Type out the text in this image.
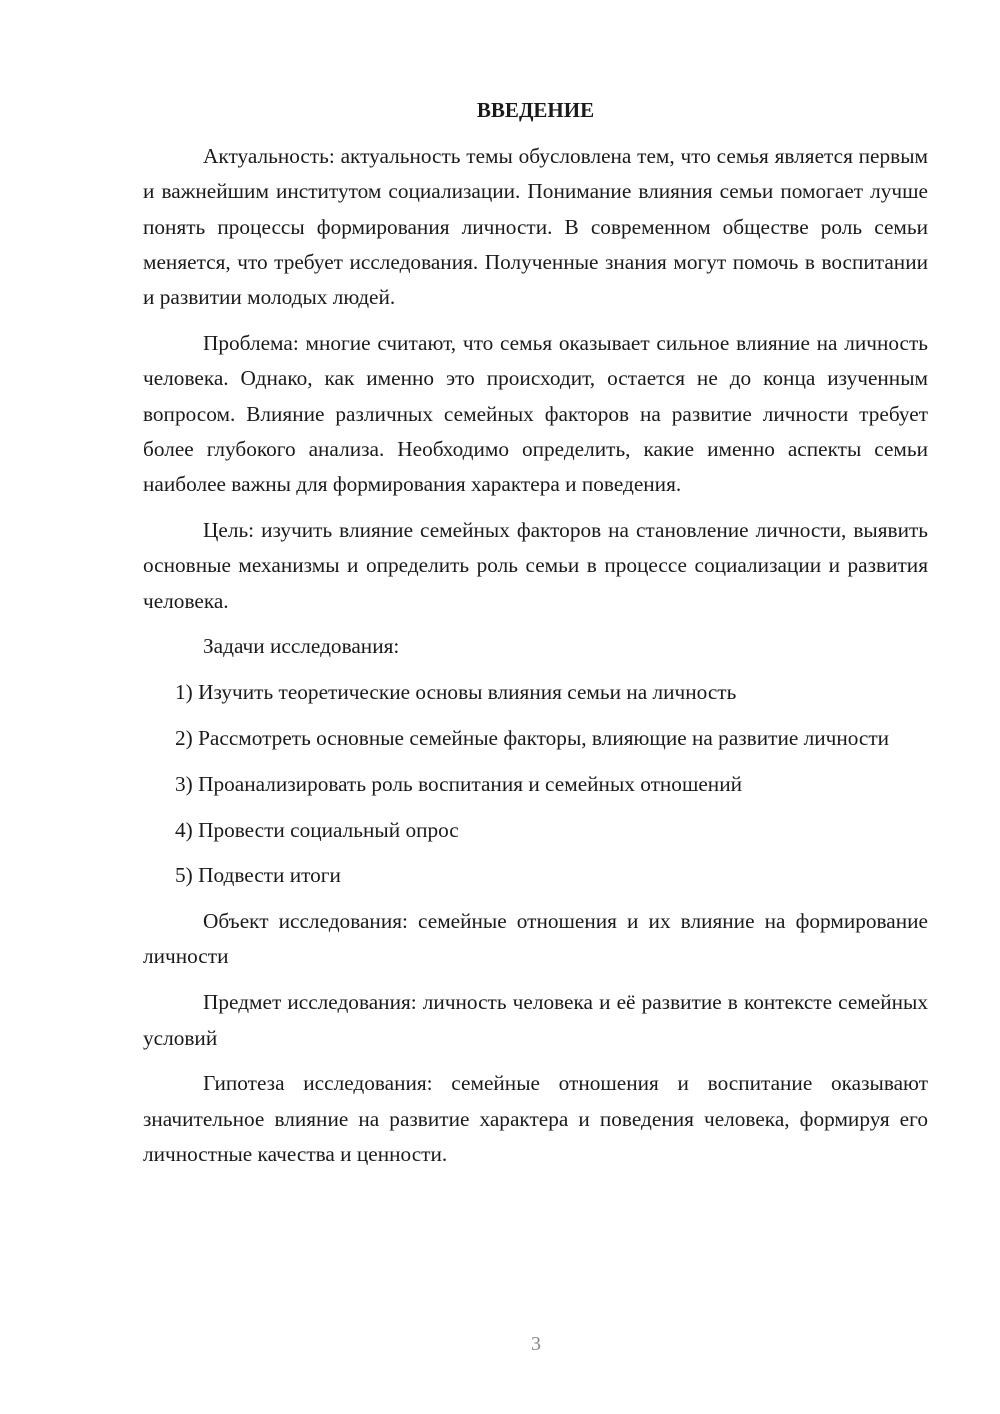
ВВЕДЕНИЕ

Актуальность: актуальность темы обусловлена тем, что семья является первым и важнейшим институтом социализации. Понимание влияния семьи помогает лучше понять процессы формирования личности. В современном обществе роль семьи меняется, что требует исследования. Полученные знания могут помочь в воспитании и развитии молодых людей.

Проблема: многие считают, что семья оказывает сильное влияние на личность человека. Однако, как именно это происходит, остается не до конца изученным вопросом. Влияние различных семейных факторов на развитие личности требует более глубокого анализа. Необходимо определить, какие именно аспекты семьи наиболее важны для формирования характера и поведения.

Цель: изучить влияние семейных факторов на становление личности, выявить основные механизмы и определить роль семьи в процессе социализации и развития человека.

Задачи исследования:

1) Изучить теоретические основы влияния семьи на личность

2) Рассмотреть основные семейные факторы, влияющие на развитие личности

3) Проанализировать роль воспитания и семейных отношений

4) Провести социальный опрос

5) Подвести итоги

Объект исследования: семейные отношения и их влияние на формирование личности

Предмет исследования: личность человека и её развитие в контексте семейных условий

Гипотеза исследования: семейные отношения и воспитание оказывают значительное влияние на развитие характера и поведения человека, формируя его личностные качества и ценности.

3
